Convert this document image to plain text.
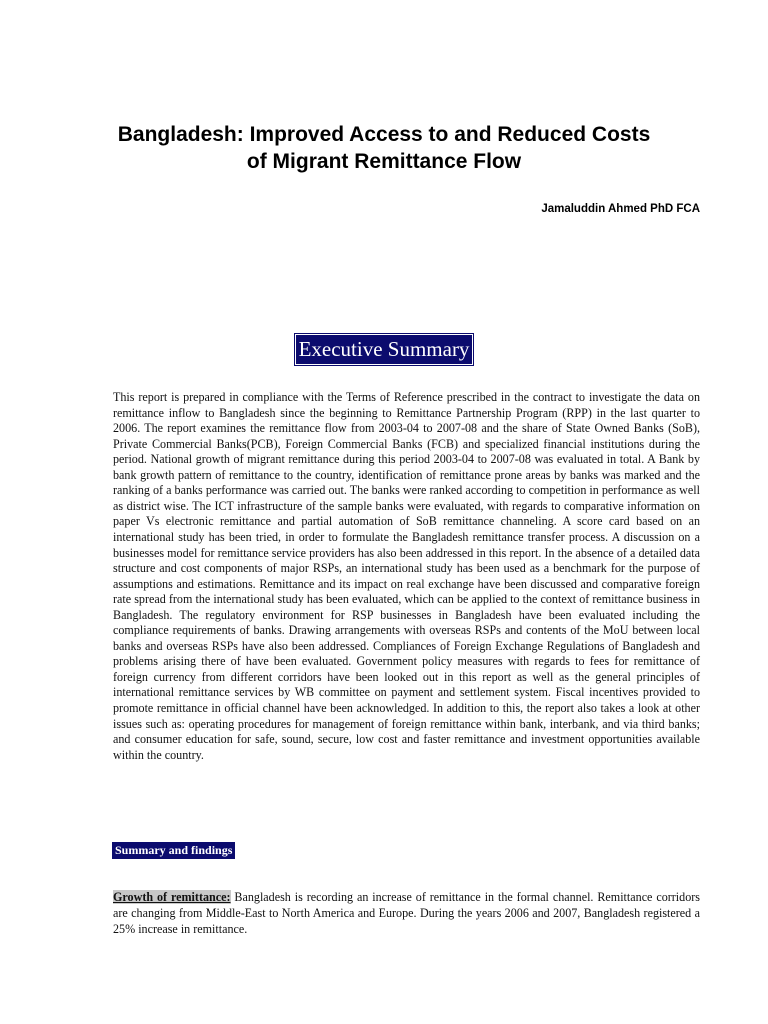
Bangladesh: Improved Access to and Reduced Costs
of Migrant Remittance Flow
Jamaluddin Ahmed PhD FCA
Executive Summary

This report is prepared in compliance with the Terms of Reference prescribed in the contract to investigate the data on remittance inflow to Bangladesh since the beginning to Remittance Partnership Program (RPP) in the last quarter to 2006. The report examines the remittance flow from 2003-04 to 2007-08 and the share of State Owned Banks (SoB), Private Commercial Banks(PCB), Foreign Commercial Banks (FCB) and specialized financial institutions during the period. National growth of migrant remittance during this period 2003-04 to 2007-08 was evaluated in total. A Bank by bank growth pattern of remittance to the country, identification of remittance prone areas by banks was marked and the ranking of a banks performance was carried out. The banks were ranked according to competition in performance as well as district wise. The ICT infrastructure of the sample banks were evaluated, with regards to comparative information on paper Vs electronic remittance and partial automation of SoB remittance channeling. A score card based on an international study has been tried, in order to formulate the Bangladesh remittance transfer process. A discussion on a businesses model for remittance service providers has also been addressed in this report. In the absence of a detailed data structure and cost components of major RSPs, an international study has been used as a benchmark for the purpose of assumptions and estimations. Remittance and its impact on real exchange have been discussed and comparative foreign rate spread from the international study has been evaluated, which can be applied to the context of remittance business in Bangladesh. The regulatory environment for RSP businesses in Bangladesh have been evaluated including the compliance requirements of banks. Drawing arrangements with overseas RSPs and contents of the MoU between local banks and overseas RSPs have also been addressed. Compliances of Foreign Exchange Regulations of Bangladesh and problems arising there of have been evaluated. Government policy measures with regards to fees for remittance of foreign currency from different corridors have been looked out in this report as well as the general principles of international remittance services by WB committee on payment and settlement system. Fiscal incentives provided to promote remittance in official channel have been acknowledged. In addition to this, the report also takes a look at other issues such as: operating procedures for management of foreign remittance within bank, interbank, and via third banks; and consumer education for safe, sound, secure, low cost and faster remittance and investment opportunities available within the country.

Summary and findings

Growth of remittance: Bangladesh is recording an increase of remittance in the formal channel. Remittance corridors are changing from Middle-East to North America and Europe. During the years 2006 and 2007, Bangladesh registered a 25% increase in remittance.
